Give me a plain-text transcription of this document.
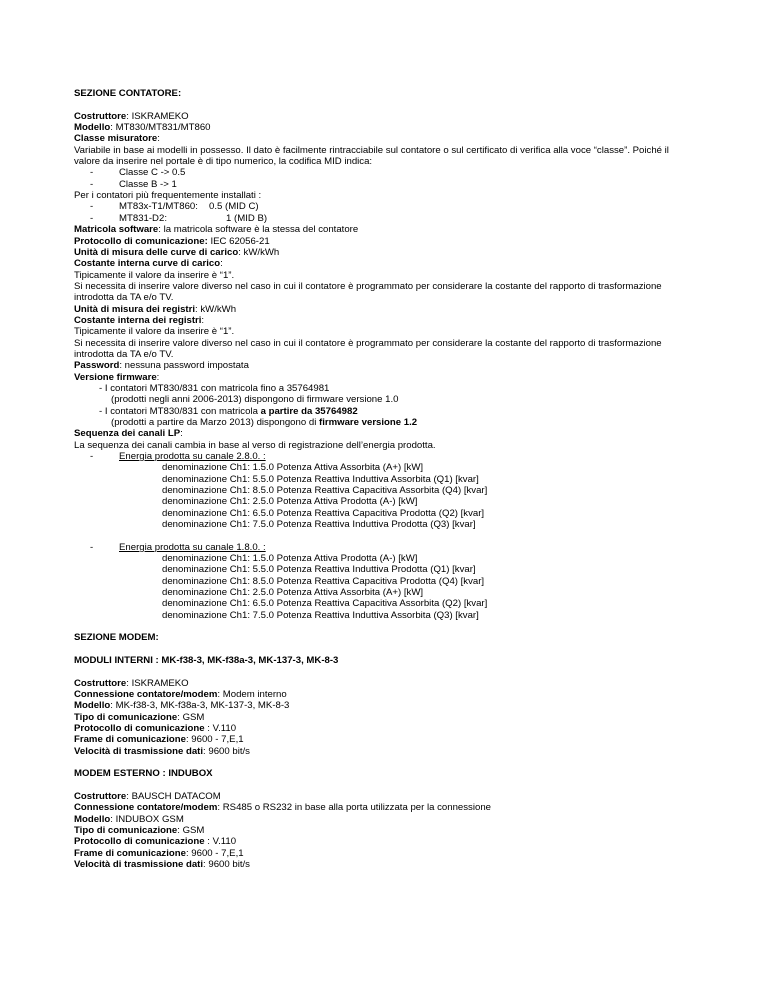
SEZIONE CONTATORE:
Costruttore: ISKRAMEKO
Modello: MT830/MT831/MT860
Classe misuratore:
Variabile in base ai modelli in possesso. Il dato è facilmente rintracciabile sul contatore o sul certificato di verifica alla voce “classe”. Poiché il
valore da inserire nel portale è di tipo numerico, la codifica MID indica:
-	Classe C -> 0.5
-	Classe B -> 1
Per i contatori più frequentemente installati :
-	MT83x-T1/MT860: 0.5 (MID C)
-	MT831-D2:	1 (MID B)
Matricola software: la matricola software è la stessa del contatore
Protocollo di comunicazione: IEC 62056-21
Unità di misura delle curve di carico: kW/kWh
Costante interna curve di carico:
Tipicamente il valore da inserire è “1”.
Si necessita di inserire valore diverso nel caso in cui il contatore è programmato per considerare la costante del rapporto di trasformazione
introdotta da TA e/o TV.
Unità di misura dei registri: kW/kWh
Costante interna dei registri:
Tipicamente il valore da inserire è “1”.
Si necessita di inserire valore diverso nel caso in cui il contatore è programmato per considerare la costante del rapporto di trasformazione
introdotta da TA e/o TV.
Password: nessuna password impostata
Versione firmware:
- I contatori MT830/831 con matricola fino a 35764981
(prodotti negli anni 2006-2013) dispongono di firmware versione 1.0
- I contatori MT830/831 con matricola a partire da 35764982
(prodotti a partire da Marzo 2013) dispongono di firmware versione 1.2
Sequenza dei canali LP:
La sequenza dei canali cambia in base al verso di registrazione dell’energia prodotta.
-	Energia prodotta su canale 2.8.0. :
denominazione Ch1: 1.5.0 Potenza Attiva Assorbita (A+) [kW]
denominazione Ch1: 5.5.0 Potenza Reattiva Induttiva Assorbita (Q1) [kvar]
denominazione Ch1: 8.5.0 Potenza Reattiva Capacitiva Assorbita (Q4) [kvar]
denominazione Ch1: 2.5.0 Potenza Attiva Prodotta (A-) [kW]
denominazione Ch1: 6.5.0 Potenza Reattiva Capacitiva Prodotta (Q2) [kvar]
denominazione Ch1: 7.5.0 Potenza Reattiva Induttiva Prodotta (Q3) [kvar]
-	Energia prodotta su canale 1.8.0. :
denominazione Ch1: 1.5.0 Potenza Attiva Prodotta (A-) [kW]
denominazione Ch1: 5.5.0 Potenza Reattiva Induttiva Prodotta (Q1) [kvar]
denominazione Ch1: 8.5.0 Potenza Reattiva Capacitiva Prodotta (Q4) [kvar]
denominazione Ch1: 2.5.0 Potenza Attiva Assorbita (A+) [kW]
denominazione Ch1: 6.5.0 Potenza Reattiva Capacitiva Assorbita (Q2) [kvar]
denominazione Ch1: 7.5.0 Potenza Reattiva Induttiva Assorbita (Q3) [kvar]
SEZIONE MODEM:
MODULI INTERNI : MK-f38-3, MK-f38a-3, MK-137-3, MK-8-3
Costruttore: ISKRAMEKO
Connessione contatore/modem: Modem interno
Modello: MK-f38-3, MK-f38a-3, MK-137-3, MK-8-3
Tipo di comunicazione: GSM
Protocollo di comunicazione : V.110
Frame di comunicazione: 9600 - 7,E,1
Velocità di trasmissione dati: 9600 bit/s
MODEM ESTERNO : INDUBOX
Costruttore: BAUSCH DATACOM
Connessione contatore/modem: RS485 o RS232 in base alla porta utilizzata per la connessione
Modello: INDUBOX GSM
Tipo di comunicazione: GSM
Protocollo di comunicazione : V.110
Frame di comunicazione: 9600 - 7,E,1
Velocità di trasmissione dati: 9600 bit/s
